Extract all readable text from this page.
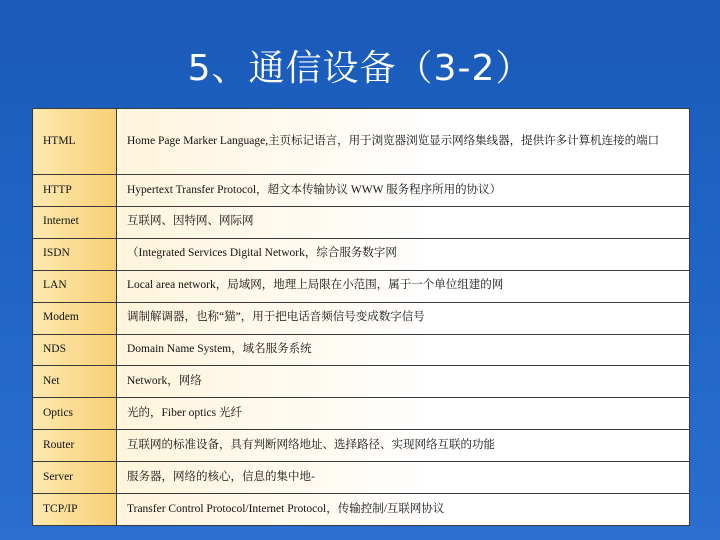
5、通信设备（3-2）
HTML	Home Page Marker Language,主页标记语言，用于浏览器浏览显示网络集线器，提供许多计算机连接的端口
HTTP	Hypertext Transfer Protocol，超文本传输协议 WWW 服务程序所用的协议）
Internet	互联网、因特网、网际网
ISDN	（Integrated Services Digital Network，综合服务数字网
LAN	Local area network，局域网，地理上局限在小范围，属于一个单位组建的网
Modem	调制解调器，也称“猫”，用于把电话音频信号变成数字信号
NDS	Domain Name System，域名服务系统
Net	Network，网络
Optics	光的，Fiber optics 光纤
Router	互联网的标准设备，具有判断网络地址、选择路径、实现网络互联的功能
Server	服务器，网络的核心，信息的集中地-
TCP/IP	Transfer Control Protocol/Internet Protocol，传输控制/互联网协议
